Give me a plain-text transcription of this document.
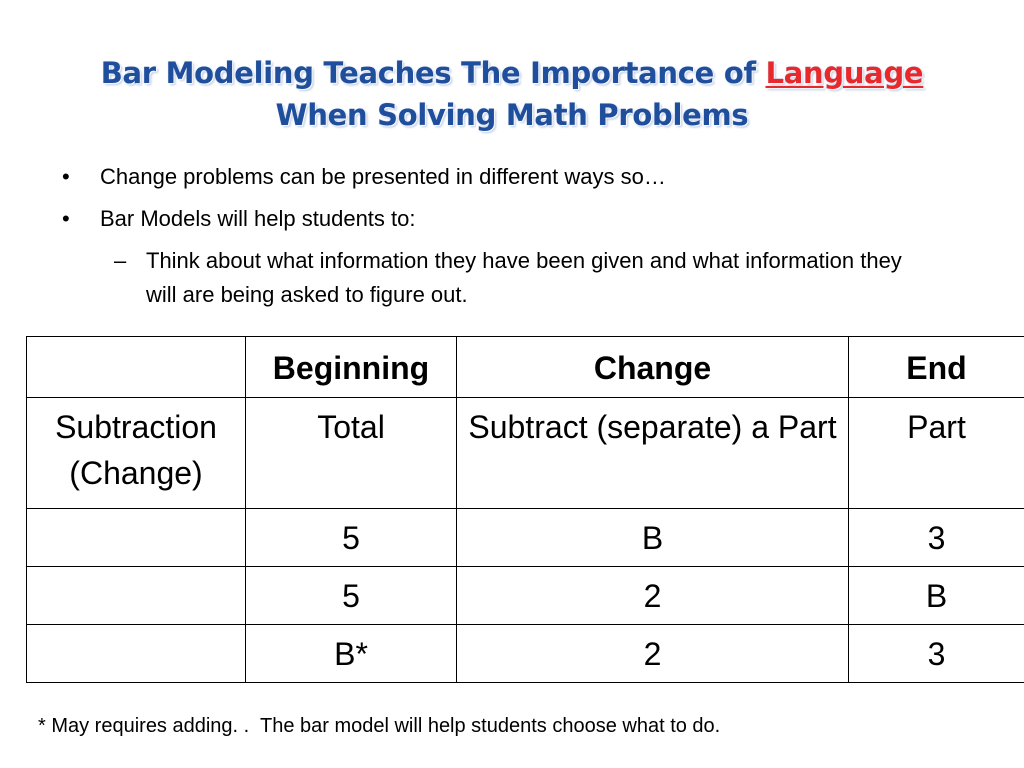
Bar Modeling Teaches The Importance of Language
When Solving Math Problems
• Change problems can be presented in different ways so…
• Bar Models will help students to:
– Think about what information they have been given and what information they will are being asked to figure out.
	Beginning	Change	End
Subtraction (Change)	Total	Subtract (separate) a Part	Part
	5	B	3
	5	2	B
	B*	2	3
* May requires adding. .  The bar model will help students choose what to do.
